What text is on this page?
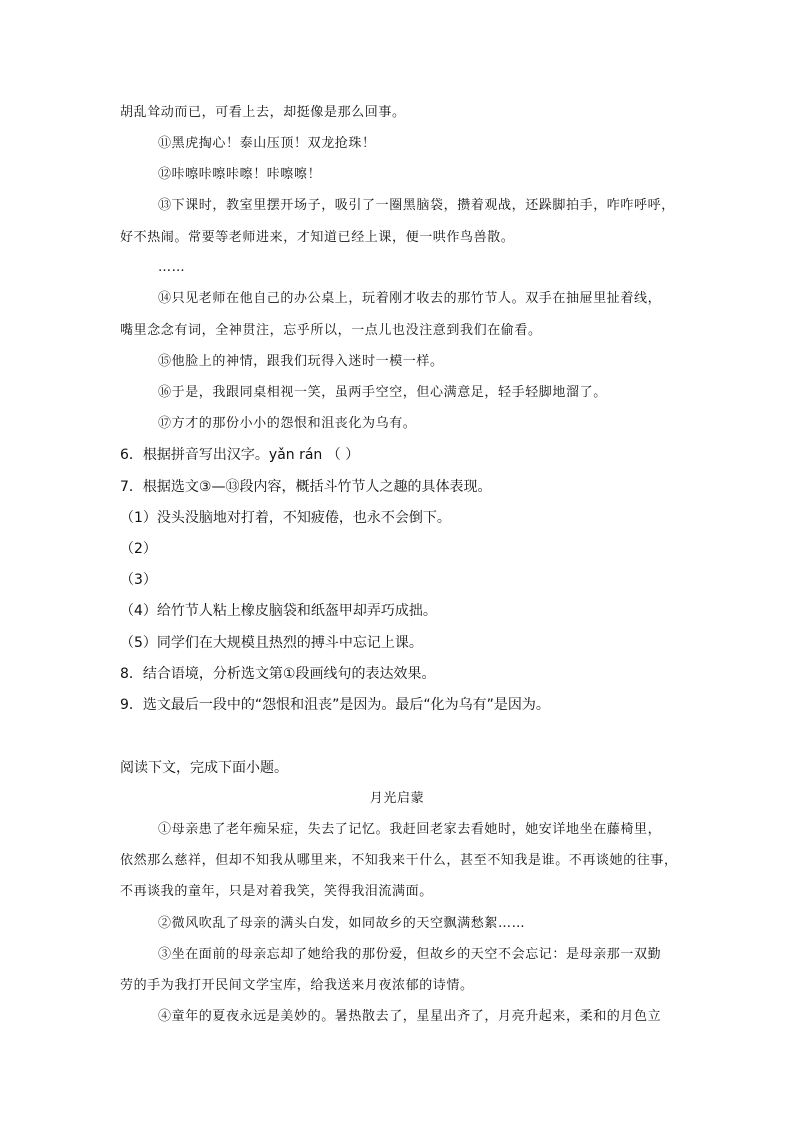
胡乱耸动而已，可看上去，却挺像是那么回事。
⑪黑虎掏心！泰山压顶！双龙抢珠！
⑫咔嚓咔嚓咔嚓！咔嚓嚓！
⑬下课时，教室里摆开场子，吸引了一圈黑脑袋，攒着观战，还跺脚拍手，咋咋呼呼，
好不热闹。常要等老师进来，才知道已经上课，便一哄作鸟兽散。
……
⑭只见老师在他自己的办公桌上，玩着刚才收去的那竹节人。双手在抽屉里扯着线，
嘴里念念有词，全神贯注，忘乎所以，一点儿也没注意到我们在偷看。
⑮他脸上的神情，跟我们玩得入迷时一模一样。
⑯于是，我跟同桌相视一笑，虽两手空空，但心满意足，轻手轻脚地溜了。
⑰方才的那份小小的怨恨和沮丧化为乌有。
6．根据拼音写出汉字。yǎn rán （ ）
7．根据选文③—⑬段内容，概括斗竹节人之趣的具体表现。
（1）没头没脑地对打着，不知疲倦，也永不会倒下。
（2）
（3）
（4）给竹节人粘上橡皮脑袋和纸盔甲却弄巧成拙。
（5）同学们在大规模且热烈的搏斗中忘记上课。
8．结合语境，分析选文第①段画线句的表达效果。
9．选文最后一段中的“怨恨和沮丧”是因为。最后“化为乌有”是因为。
阅读下文，完成下面小题。
月光启蒙
①母亲患了老年痴呆症，失去了记忆。我赶回老家去看她时，她安详地坐在藤椅里，
依然那么慈祥，但却不知我从哪里来，不知我来干什么，甚至不知我是谁。不再谈她的往事，
不再谈我的童年，只是对着我笑，笑得我泪流满面。
②微风吹乱了母亲的满头白发，如同故乡的天空飘满愁絮……
③坐在面前的母亲忘却了她给我的那份爱，但故乡的天空不会忘记：是母亲那一双勤
劳的手为我打开民间文学宝库，给我送来月夜浓郁的诗情。
④童年的夏夜永远是美妙的。暑热散去了，星星出齐了，月亮升起来，柔和的月色立
